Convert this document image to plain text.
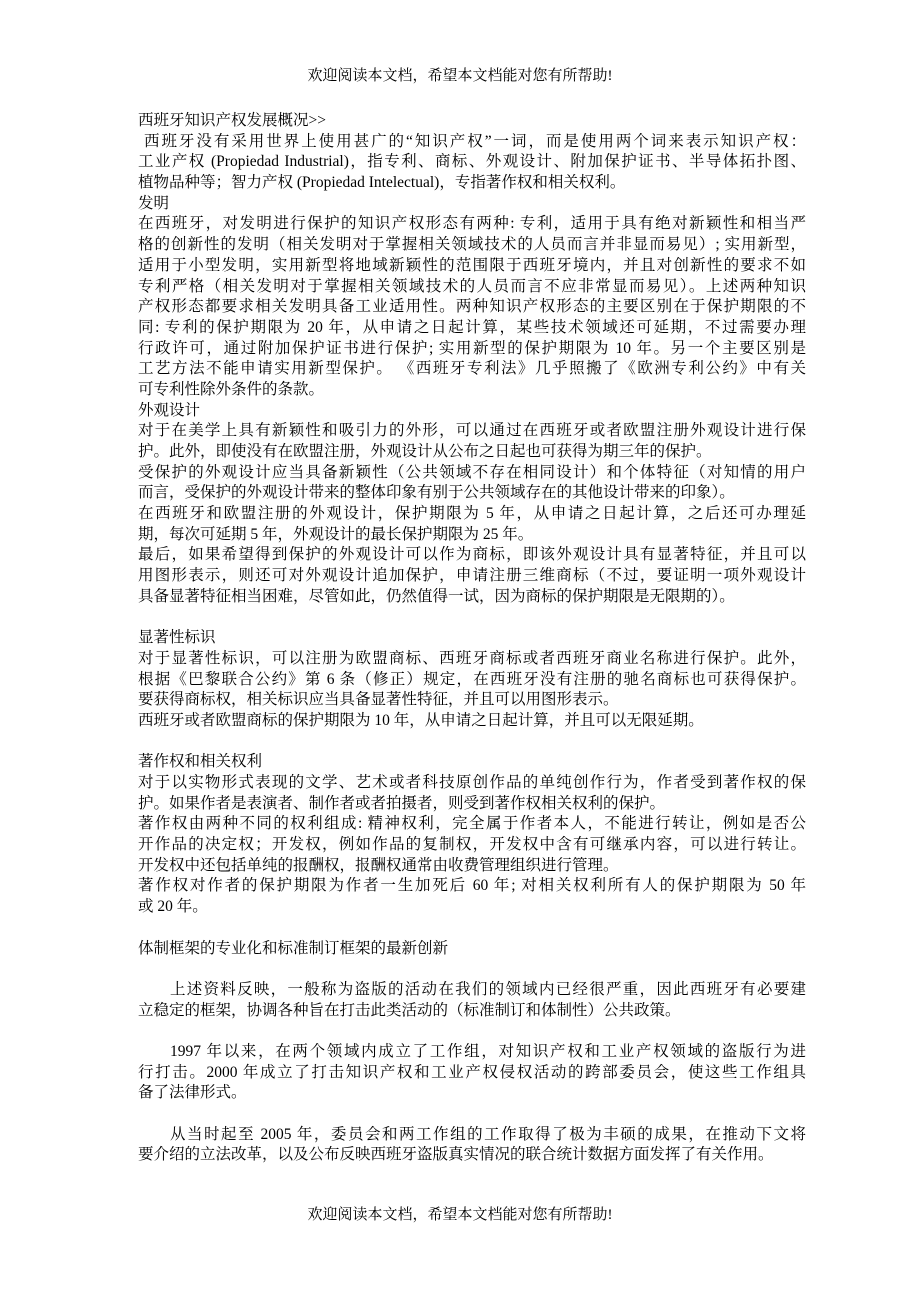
欢迎阅读本文档，希望本文档能对您有所帮助!
西班牙知识产权发展概况>>
西班牙没有采用世界上使用甚广的“知识产权”一词，而是使用两个词来表示知识产权：
工业产权 (Propiedad Industrial)，指专利、商标、外观设计、附加保护证书、半导体拓扑图、
植物品种等；智力产权 (Propiedad Intelectual)，专指著作权和相关权利。
发明
在西班牙，对发明进行保护的知识产权形态有两种: 专利，适用于具有绝对新颖性和相当严
格的创新性的发明（相关发明对于掌握相关领域技术的人员而言并非显而易见）; 实用新型，
适用于小型发明，实用新型将地域新颖性的范围限于西班牙境内，并且对创新性的要求不如
专利严格（相关发明对于掌握相关领域技术的人员而言不应非常显而易见）。上述两种知识
产权形态都要求相关发明具备工业适用性。两种知识产权形态的主要区别在于保护期限的不
同: 专利的保护期限为 20 年，从申请之日起计算，某些技术领域还可延期，不过需要办理
行政许可，通过附加保护证书进行保护; 实用新型的保护期限为 10 年。另一个主要区别是
工艺方法不能申请实用新型保护。 《西班牙专利法》几乎照搬了《欧洲专利公约》中有关
可专利性除外条件的条款。
外观设计
对于在美学上具有新颖性和吸引力的外形，可以通过在西班牙或者欧盟注册外观设计进行保
护。此外，即使没有在欧盟注册，外观设计从公布之日起也可获得为期三年的保护。
受保护的外观设计应当具备新颖性（公共领域不存在相同设计）和个体特征（对知情的用户
而言，受保护的外观设计带来的整体印象有别于公共领域存在的其他设计带来的印象）。
在西班牙和欧盟注册的外观设计，保护期限为 5 年，从申请之日起计算，之后还可办理延
期，每次可延期 5 年，外观设计的最长保护期限为 25 年。
最后，如果希望得到保护的外观设计可以作为商标，即该外观设计具有显著特征，并且可以
用图形表示，则还可对外观设计追加保护，申请注册三维商标（不过，要证明一项外观设计
具备显著特征相当困难，尽管如此，仍然值得一试，因为商标的保护期限是无限期的）。
显著性标识
对于显著性标识，可以注册为欧盟商标、西班牙商标或者西班牙商业名称进行保护。此外，
根据《巴黎联合公约》第 6 条（修正）规定，在西班牙没有注册的驰名商标也可获得保护。
要获得商标权，相关标识应当具备显著性特征，并且可以用图形表示。
西班牙或者欧盟商标的保护期限为 10 年，从申请之日起计算，并且可以无限延期。
著作权和相关权利
对于以实物形式表现的文学、艺术或者科技原创作品的单纯创作行为，作者受到著作权的保
护。如果作者是表演者、制作者或者拍摄者，则受到著作权相关权利的保护。
著作权由两种不同的权利组成: 精神权利，完全属于作者本人，不能进行转让，例如是否公
开作品的决定权；开发权，例如作品的复制权，开发权中含有可继承内容，可以进行转让。
开发权中还包括单纯的报酬权，报酬权通常由收费管理组织进行管理。
著作权对作者的保护期限为作者一生加死后 60 年; 对相关权利所有人的保护期限为 50 年
或 20 年。
体制框架的专业化和标准制订框架的最新创新
上述资料反映，一般称为盗版的活动在我们的领域内已经很严重，因此西班牙有必要建
立稳定的框架，协调各种旨在打击此类活动的（标准制订和体制性）公共政策。
1997 年以来，在两个领域内成立了工作组，对知识产权和工业产权领域的盗版行为进
行打击。2000 年成立了打击知识产权和工业产权侵权活动的跨部委员会，使这些工作组具
备了法律形式。
从当时起至 2005 年，委员会和两工作组的工作取得了极为丰硕的成果，在推动下文将
要介绍的立法改革，以及公布反映西班牙盗版真实情况的联合统计数据方面发挥了有关作用。
欢迎阅读本文档，希望本文档能对您有所帮助!
